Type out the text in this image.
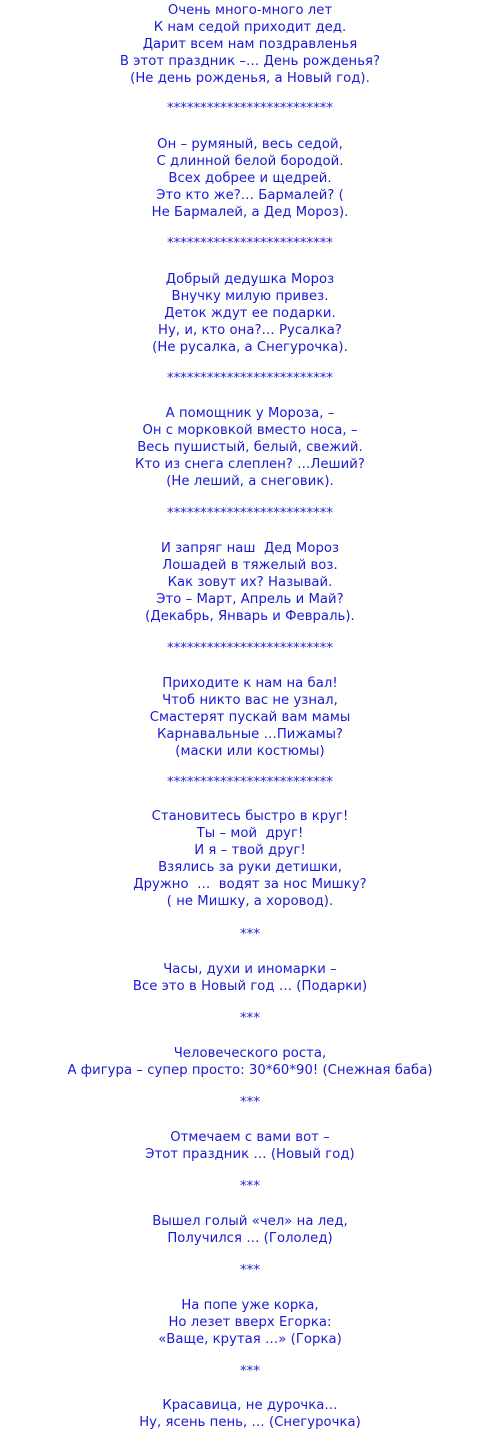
Очень много-много лет
К нам седой приходит дед.
Дарит всем нам поздравленья
В этот праздник –… День рожденья?
(Не день рожденья, а Новый год).
*************************
Он – румяный, весь седой,
С длинной белой бородой.
Всех добрее и щедрей.
Это кто же?… Бармалей? (
Не Бармалей, а Дед Мороз).
*************************
Добрый дедушка Мороз
Внучку милую привез.
Деток ждут ее подарки.
Ну, и, кто она?… Русалка?
(Не русалка, а Снегурочка).
*************************
А помощник у Мороза, –
Он с морковкой вместо носа, –
Весь пушистый, белый, свежий.
Кто из снега слеплен? …Леший?
(Не леший, а снеговик).
*************************
И запряг наш  Дед Мороз
Лошадей в тяжелый воз.
Как зовут их? Называй.
Это – Март, Апрель и Май?
(Декабрь, Январь и Февраль).
*************************
Приходите к нам на бал!
Чтоб никто вас не узнал,
Смастерят пускай вам мамы
Карнавальные …Пижамы?
(маски или костюмы)
*************************
Становитесь быстро в круг!
Ты – мой  друг!
И я – твой друг!
Взялись за руки детишки,
Дружно  …  водят за нос Мишку?
( не Мишку, а хоровод).
***
Часы, духи и иномарки –
Все это в Новый год … (Подарки)
***
Человеческого роста,
А фигура – супер просто: 30*60*90! (Снежная баба)
***
Отмечаем с вами вот –
Этот праздник … (Новый год)
***
Вышел голый «чел» на лед,
Получился … (Гололед)
***
На попе уже корка,
Но лезет вверх Егорка:
«Ваще, крутая …» (Горка)
***
Красавица, не дурочка…
Ну, ясень пень, … (Снегурочка)
